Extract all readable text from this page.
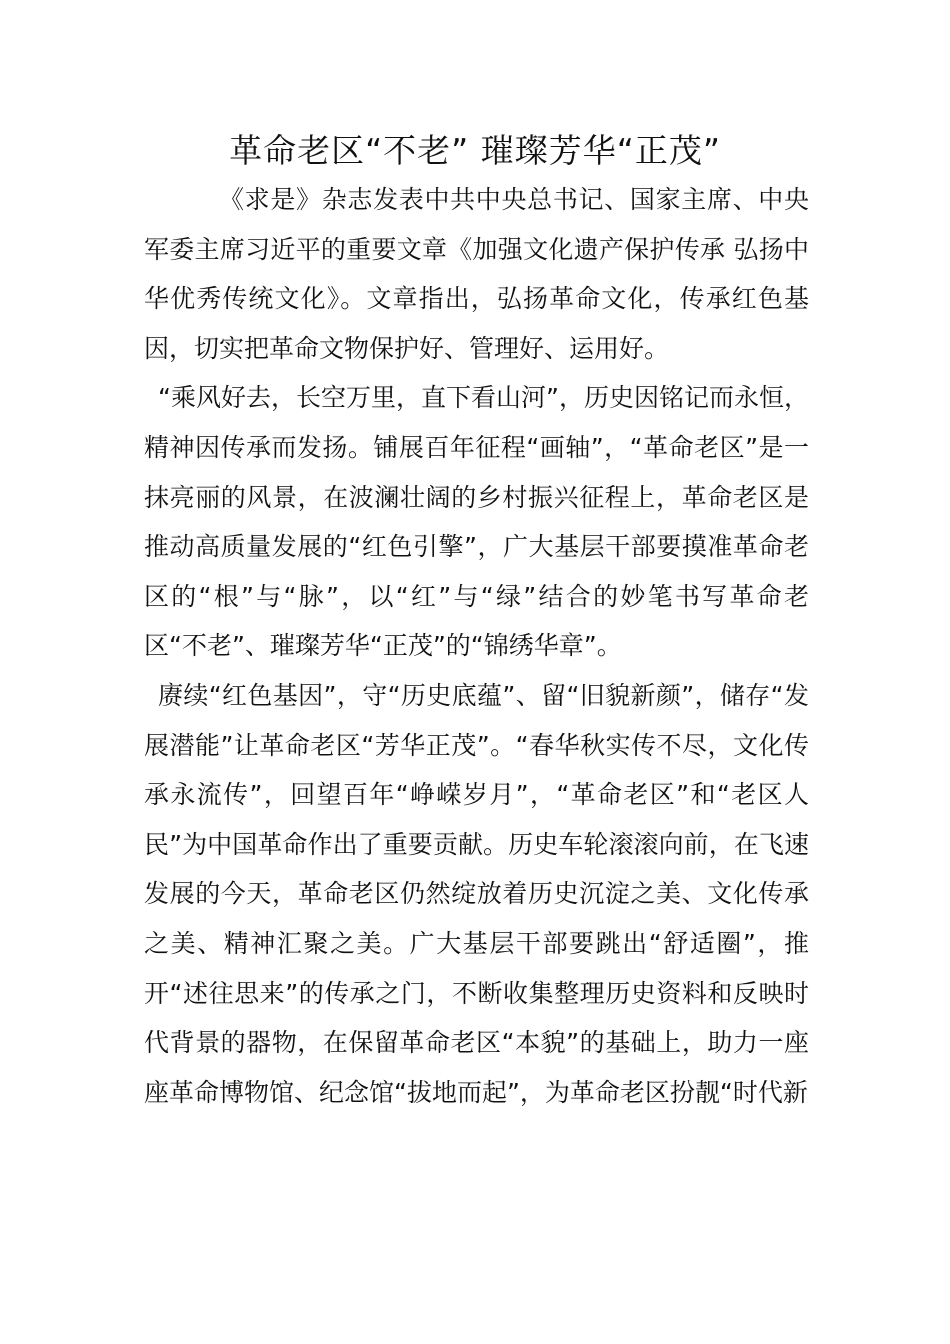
革命老区“不老” 璀璨芳华“正茂”

《求是》杂志发表中共中央总书记、国家主席、中央军委主席习近平的重要文章《加强文化遗产保护传承 弘扬中华优秀传统文化》。文章指出，弘扬革命文化，传承红色基因，切实把革命文物保护好、管理好、运用好。

“乘风好去，长空万里，直下看山河”，历史因铭记而永恒，精神因传承而发扬。铺展百年征程“画轴”，“革命老区”是一抹亮丽的风景，在波澜壮阔的乡村振兴征程上，革命老区是推动高质量发展的“红色引擎”，广大基层干部要摸准革命老区的“根”与“脉”，以“红”与“绿”结合的妙笔书写革命老区“不老”、璀璨芳华“正茂”的“锦绣华章”。

赓续“红色基因”，守“历史底蕴”、留“旧貌新颜”，储存“发展潜能”让革命老区“芳华正茂”。“春华秋实传不尽，文化传承永流传”，回望百年“峥嵘岁月”，“革命老区”和“老区人民”为中国革命作出了重要贡献。历史车轮滚滚向前，在飞速发展的今天，革命老区仍然绽放着历史沉淀之美、文化传承之美、精神汇聚之美。广大基层干部要跳出“舒适圈”，推开“述往思来”的传承之门，不断收集整理历史资料和反映时代背景的器物，在保留革命老区“本貌”的基础上，助力一座座革命博物馆、纪念馆“拔地而起”，为革命老区扮靓“时代新
